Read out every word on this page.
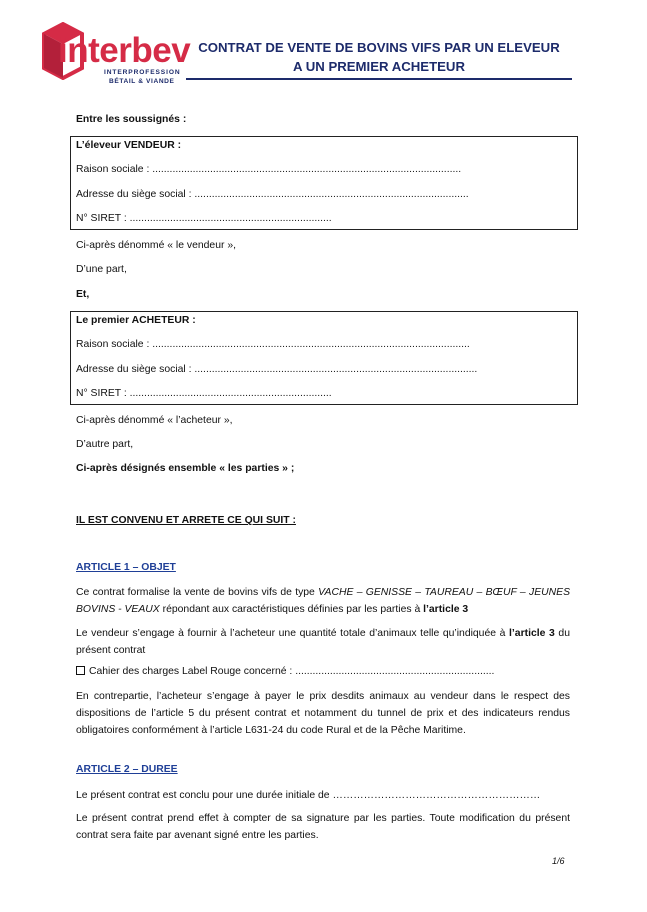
interbev
INTERPROFESSION
BÉTAIL & VIANDE
CONTRAT DE VENTE DE BOVINS VIFS PAR UN ELEVEUR
A UN PREMIER ACHETEUR
Entre les soussignés :
L’éleveur VENDEUR :
Raison sociale : ...........................................................................................................
Adresse du siège social : ...............................................................................................
N° SIRET : ......................................................................
Ci-après dénommé « le vendeur »,
D’une part,
Et,
Le premier ACHETEUR :
Raison sociale : ..............................................................................................................
Adresse du siège social : ..................................................................................................
N° SIRET : ......................................................................
Ci-après dénommé « l’acheteur »,
D’autre part,
Ci-après désignés ensemble « les parties » ;
IL EST CONVENU ET ARRETE CE QUI SUIT :
ARTICLE 1 – OBJET
Ce contrat formalise la vente de bovins vifs de type VACHE – GENISSE – TAUREAU – BŒUF – JEUNES BOVINS - VEAUX répondant aux caractéristiques définies par les parties à l’article 3
Le vendeur s’engage à fournir à l’acheteur une quantité totale d’animaux telle qu’indiquée à l’article 3 du présent contrat
Cahier des charges Label Rouge concerné : .....................................................................
En contrepartie, l’acheteur s’engage à payer le prix desdits animaux au vendeur dans le respect des dispositions de l’article 5 du présent contrat et notamment du tunnel de prix et des indicateurs rendus obligatoires conformément à l’article L631-24 du code Rural et de la Pêche Maritime.
ARTICLE 2 – DUREE
Le présent contrat est conclu pour une durée initiale de ……………………………………………………
Le présent contrat prend effet à compter de sa signature par les parties. Toute modification du présent contrat sera faite par avenant signé entre les parties.
1/6
